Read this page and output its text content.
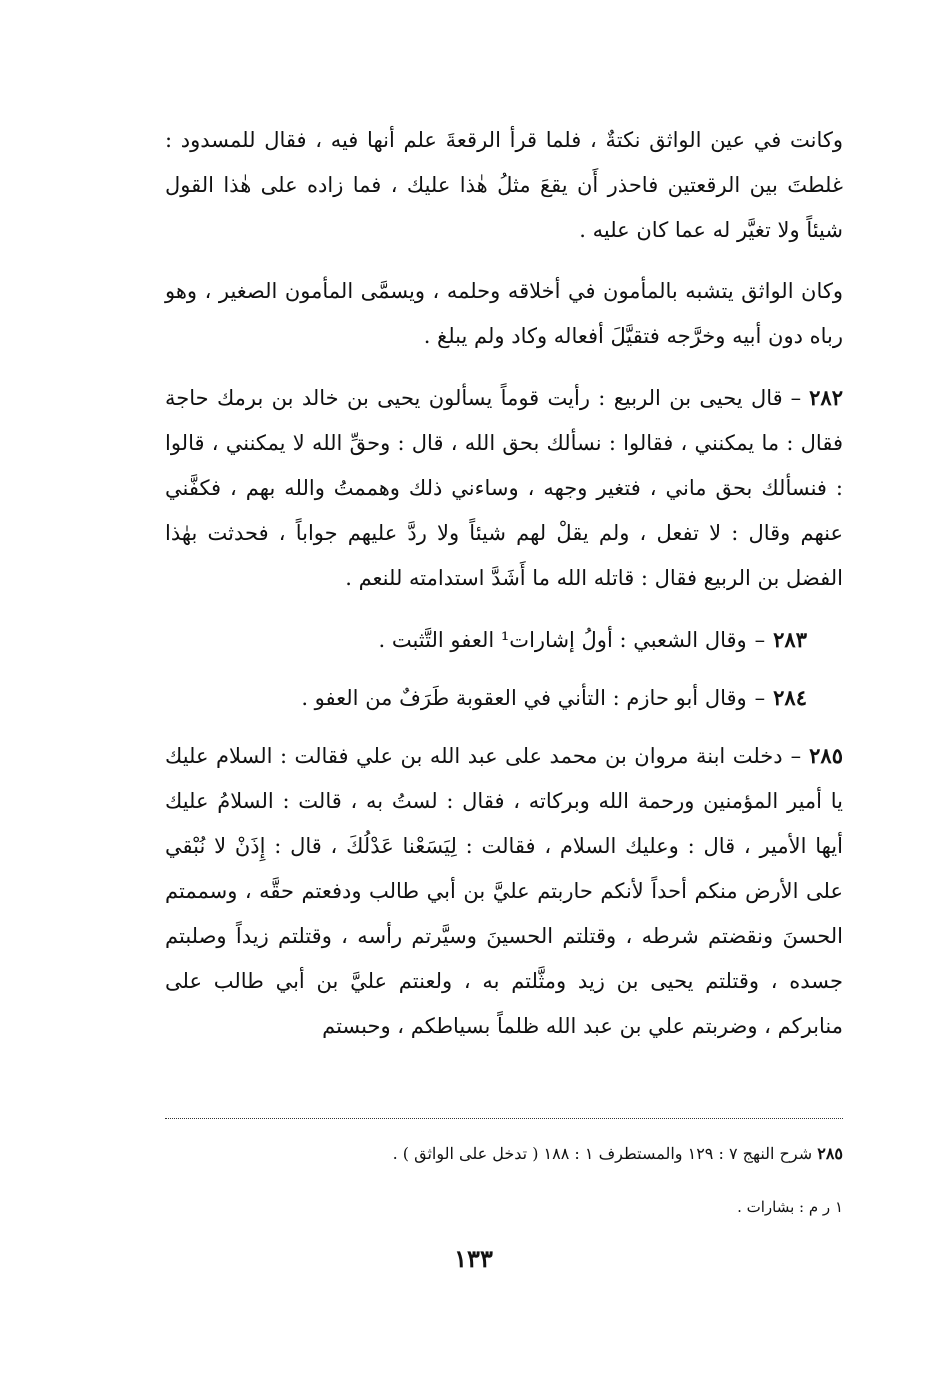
وكانت في عين الواثق نكتةٌ ، فلما قرأ الرقعةَ علم أنها فيه ، فقال للمسدود : غلطتَ بين الرقعتين فاحذر أَن يقعَ مثلُ هٰذا عليك ، فما زاده على هٰذا القول شيئاً ولا تغيَّر له عما كان عليه .

وكان الواثق يتشبه بالمأمون في أخلاقه وحلمه ، ويسمَّى المأمون الصغير ، وهو رباه دون أبيه وخرَّجه فتقيَّلَ أفعاله وكاد ولم يبلغ .

٢٨٢–قال يحيى بن الربيع : رأيت قوماً يسألون يحيى بن خالد بن برمك حاجة فقال : ما يمكنني ، فقالوا : نسألك بحق الله ، قال : وحقِّ الله لا يمكنني ، قالوا : فنسألك بحق ماني ، فتغير وجهه ، وساءني ذلك وهممتُ والله بهم ، فكفَّني عنهم وقال : لا تفعل ، ولم يقلْ لهم شيئاً ولا ردَّ عليهم جواباً ، فحدثت بهٰذا الفضل بن الربيع فقال : قاتله الله ما أَشَدَّ استدامته للنعم .

٢٨٣–وقال الشعبي : أولُ إشارات¹ العفو التَّثبت .

٢٨٤–وقال أبو حازم : التأني في العقوبة طَرَفٌ من العفو .

٢٨٥–دخلت ابنة مروان بن محمد على عبد الله بن علي فقالت : السلام عليك يا أمير المؤمنين ورحمة الله وبركاته ، فقال : لستُ به ، قالت : السلامُ عليك أيها الأمير ، قال : وعليك السلام ، فقالت : لِيَسَعْنا عَدْلُكَ ، قال : إِذَنْ لا نُبْقي على الأرض منكم أحداً لأنكم حاربتم عليَّ بن أبي طالب ودفعتم حقَّه ، وسممتم الحسنَ ونقضتم شرطه ، وقتلتم الحسينَ وسيَّرتم رأسه ، وقتلتم زيداً وصلبتم جسده ، وقتلتم يحيى بن زيد ومثَّلتم به ، ولعنتم عليَّ بن أبي طالب على منابركم ، وضربتم علي بن عبد الله ظلماً بسياطكم ، وحبستم

٢٨٥ شرح النهج ٧ : ١٢٩ والمستطرف ١ : ١٨٨ ( تدخل على الواثق ) .
١ ر م : بشارات .
١٣٣
